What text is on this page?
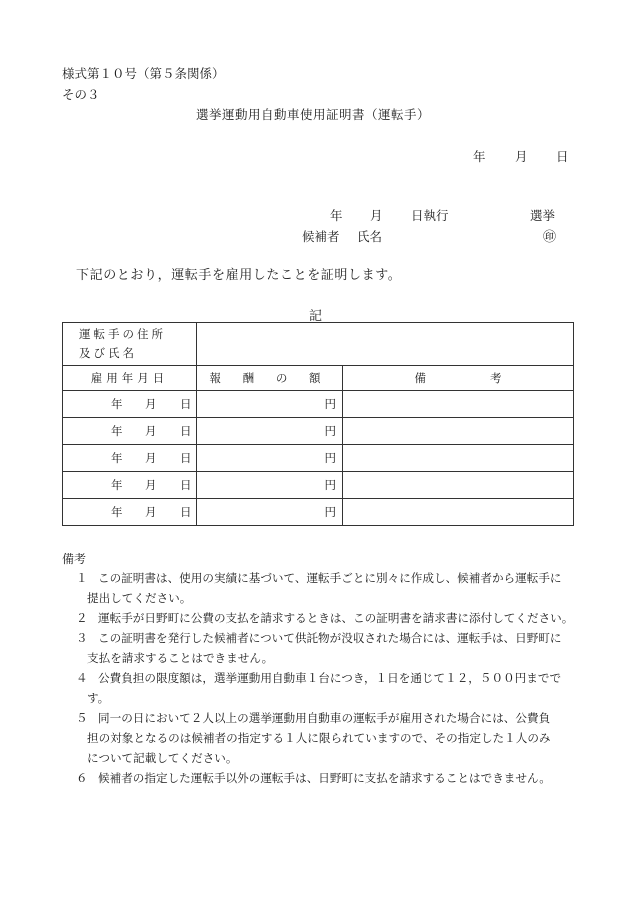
様式第１０号（第５条関係）
その３
選挙運動用自動車使用証明書（運転手）
年 月 日
年 月 日執行	選挙
候補者 氏名	㊞
下記のとおり，運転手を雇用したことを証明します。
記
運転手の住所
及び氏名		

雇用年月日	報 酬 の 額	備 考

年 月 日	円	

年 月 日	円	

年 月 日	円	

年 月 日	円	

年 月 日	円	
備考
１ この証明書は、使用の実績に基づいて、運転手ごとに別々に作成し、候補者から運転手に
提出してください。
２ 運転手が日野町に公費の支払を請求するときは、この証明書を請求書に添付してください。
３ この証明書を発行した候補者について供託物が没収された場合には、運転手は、日野町に
支払を請求することはできません。
４ 公費負担の限度額は，選挙運動用自動車１台につき，１日を通じて１２，５００円までで
す。
５ 同一の日において２人以上の選挙運動用自動車の運転手が雇用された場合には、公費負
担の対象となるのは候補者の指定する１人に限られていますので、その指定した１人のみ
について記載してください。
６ 候補者の指定した運転手以外の運転手は、日野町に支払を請求することはできません。
